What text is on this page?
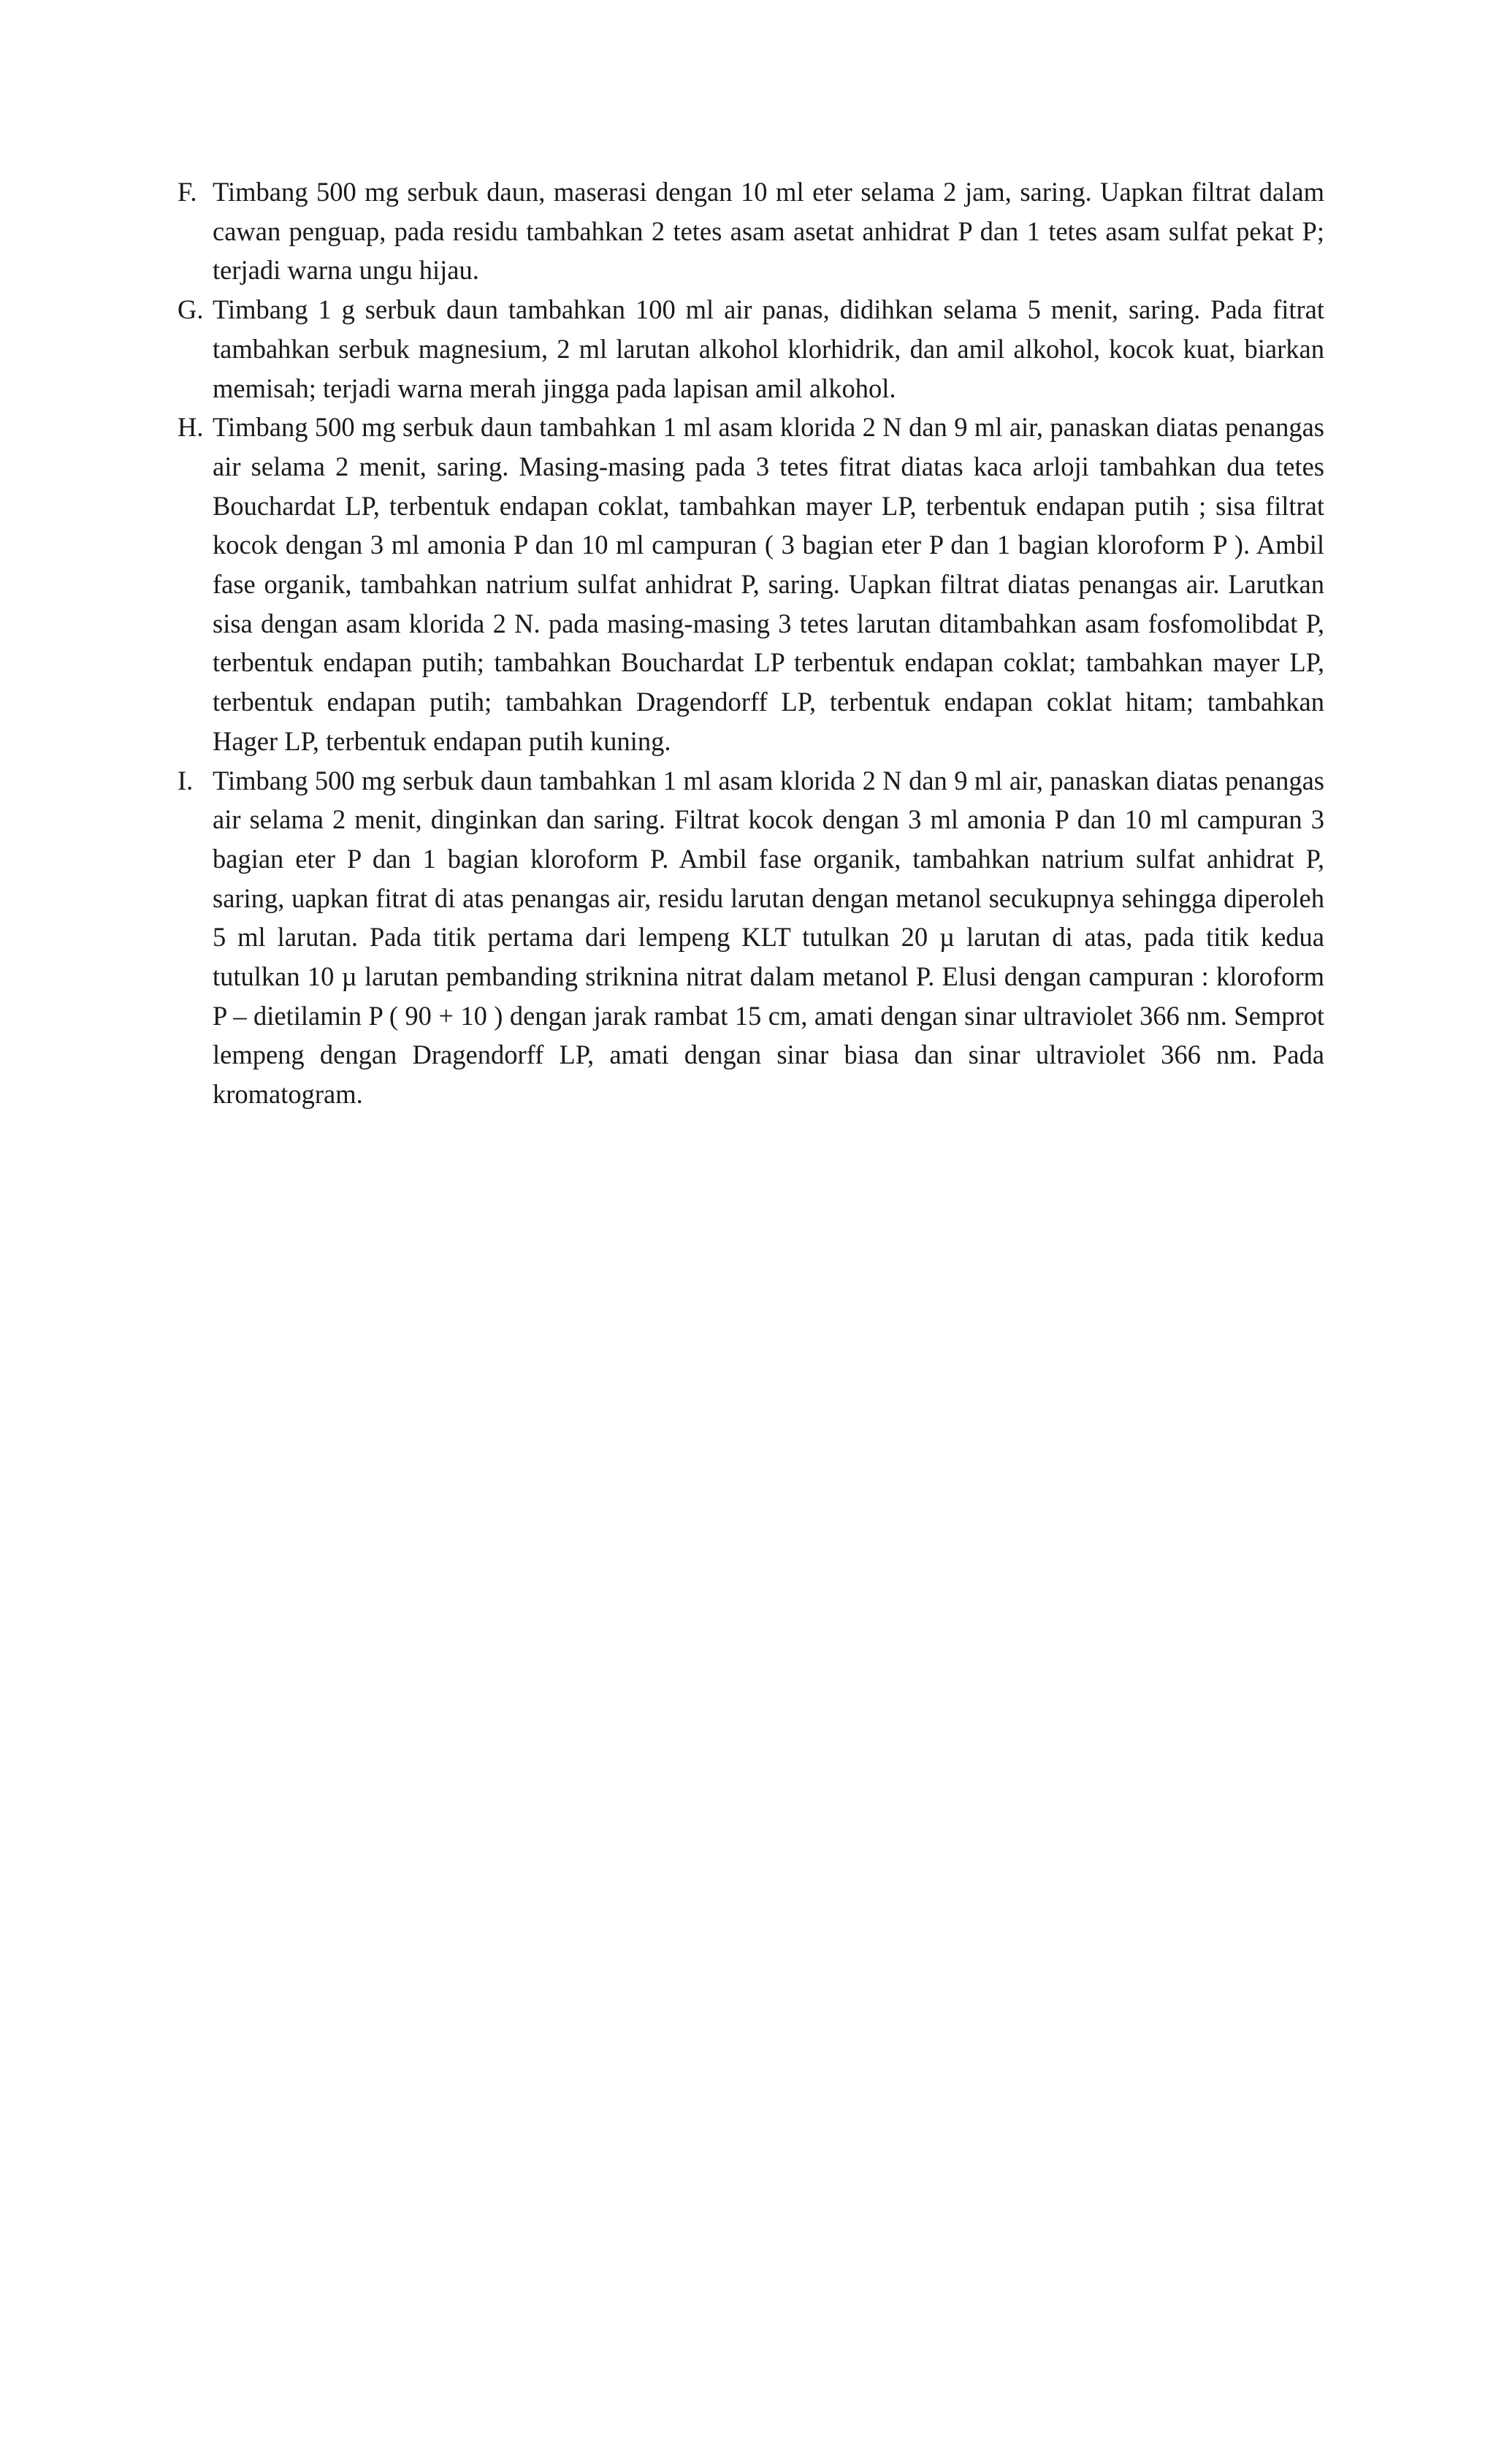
F. Timbang 500 mg serbuk daun, maserasi dengan 10 ml eter selama 2 jam, saring. Uapkan filtrat dalam cawan penguap, pada residu tambahkan 2 tetes asam asetat anhidrat P dan 1 tetes asam sulfat pekat P; terjadi warna ungu hijau.

G. Timbang 1 g serbuk daun tambahkan 100 ml air panas, didihkan selama 5 menit, saring. Pada fitrat tambahkan serbuk magnesium, 2 ml larutan alkohol klorhidrik, dan amil alkohol, kocok kuat, biarkan memisah; terjadi warna merah jingga pada lapisan amil alkohol.

H. Timbang 500 mg serbuk daun tambahkan 1 ml asam klorida 2 N dan 9 ml air, panaskan diatas penangas air selama 2 menit, saring. Masing-masing pada 3 tetes fitrat diatas kaca arloji tambahkan dua tetes Bouchardat LP, terbentuk endapan coklat, tambahkan mayer LP, terbentuk endapan putih ; sisa filtrat kocok dengan 3 ml amonia P dan 10 ml campuran ( 3 bagian eter P dan 1 bagian kloroform P ). Ambil fase organik, tambahkan natrium sulfat anhidrat P, saring. Uapkan filtrat diatas penangas air. Larutkan sisa dengan asam klorida 2 N. pada masing-masing 3 tetes larutan ditambahkan asam fosfomolibdat P, terbentuk endapan putih; tambahkan Bouchardat LP terbentuk endapan coklat; tambahkan mayer LP, terbentuk endapan putih; tambahkan Dragendorff LP, terbentuk endapan coklat hitam; tambahkan Hager LP, terbentuk endapan putih kuning.

I. Timbang 500 mg serbuk daun tambahkan 1 ml asam klorida 2 N dan 9 ml air, panaskan diatas penangas air selama 2 menit, dinginkan dan saring. Filtrat kocok dengan 3 ml amonia P dan 10 ml campuran 3 bagian eter P dan 1 bagian kloroform P. Ambil fase organik, tambahkan natrium sulfat anhidrat P, saring, uapkan fitrat di atas penangas air, residu larutan dengan metanol secukupnya sehingga diperoleh 5 ml larutan. Pada titik pertama dari lempeng KLT tutulkan 20 µ larutan di atas, pada titik kedua tutulkan 10 µ larutan pembanding striknina nitrat dalam metanol P. Elusi dengan campuran : kloroform P – dietilamin P ( 90 + 10 ) dengan jarak rambat 15 cm, amati dengan sinar ultraviolet 366 nm. Semprot lempeng dengan Dragendorff LP, amati dengan sinar biasa dan sinar ultraviolet 366 nm. Pada kromatogram.
